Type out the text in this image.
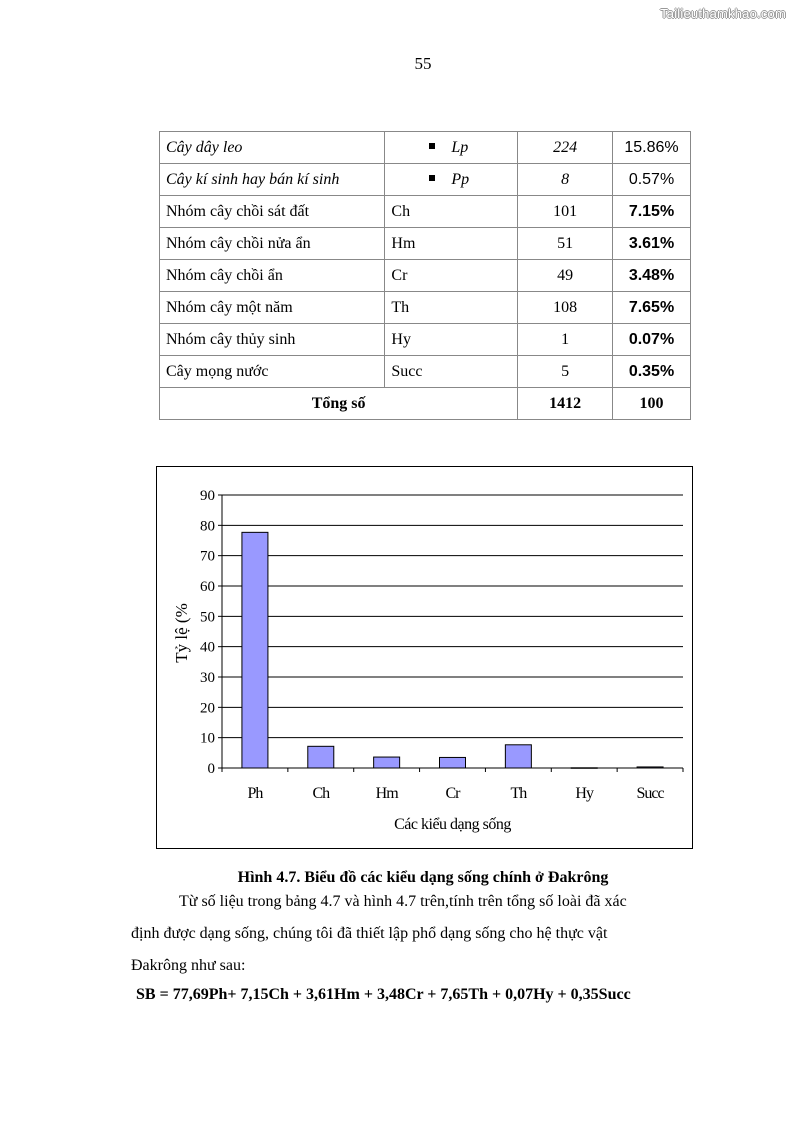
Tailieuthamkhao.com
55
Cây dây leo	Lp	224	15.86%
Cây kí sinh hay bán kí sinh	Pp	8	0.57%
Nhóm cây chồi sát đất	Ch	101	7.15%
Nhóm cây chồi nửa ẩn	Hm	51	3.61%
Nhóm cây chồi ẩn	Cr	49	3.48%
Nhóm cây một năm	Th	108	7.65%
Nhóm cây thủy sinh	Hy	1	0.07%
Cây mọng nước	Succ	5	0.35%
Tổng số		1412	100
0
10
20
30
40
50
60
70
80
90
Ph	Ch	Hm	Cr	Th	Hy	Succ
Các kiểu dạng sống
Tỷ lệ (%
Hình 4.7. Biểu đồ các kiểu dạng sống chính ở Đakrông
Từ số liệu trong bảng 4.7 và hình 4.7 trên,tính trên tổng số loài đã xác
định được dạng sống, chúng tôi đã thiết lập phổ dạng sống cho hệ thực vật
Đakrông như sau:
SB = 77,69Ph+ 7,15Ch + 3,61Hm + 3,48Cr + 7,65Th + 0,07Hy + 0,35Succ
